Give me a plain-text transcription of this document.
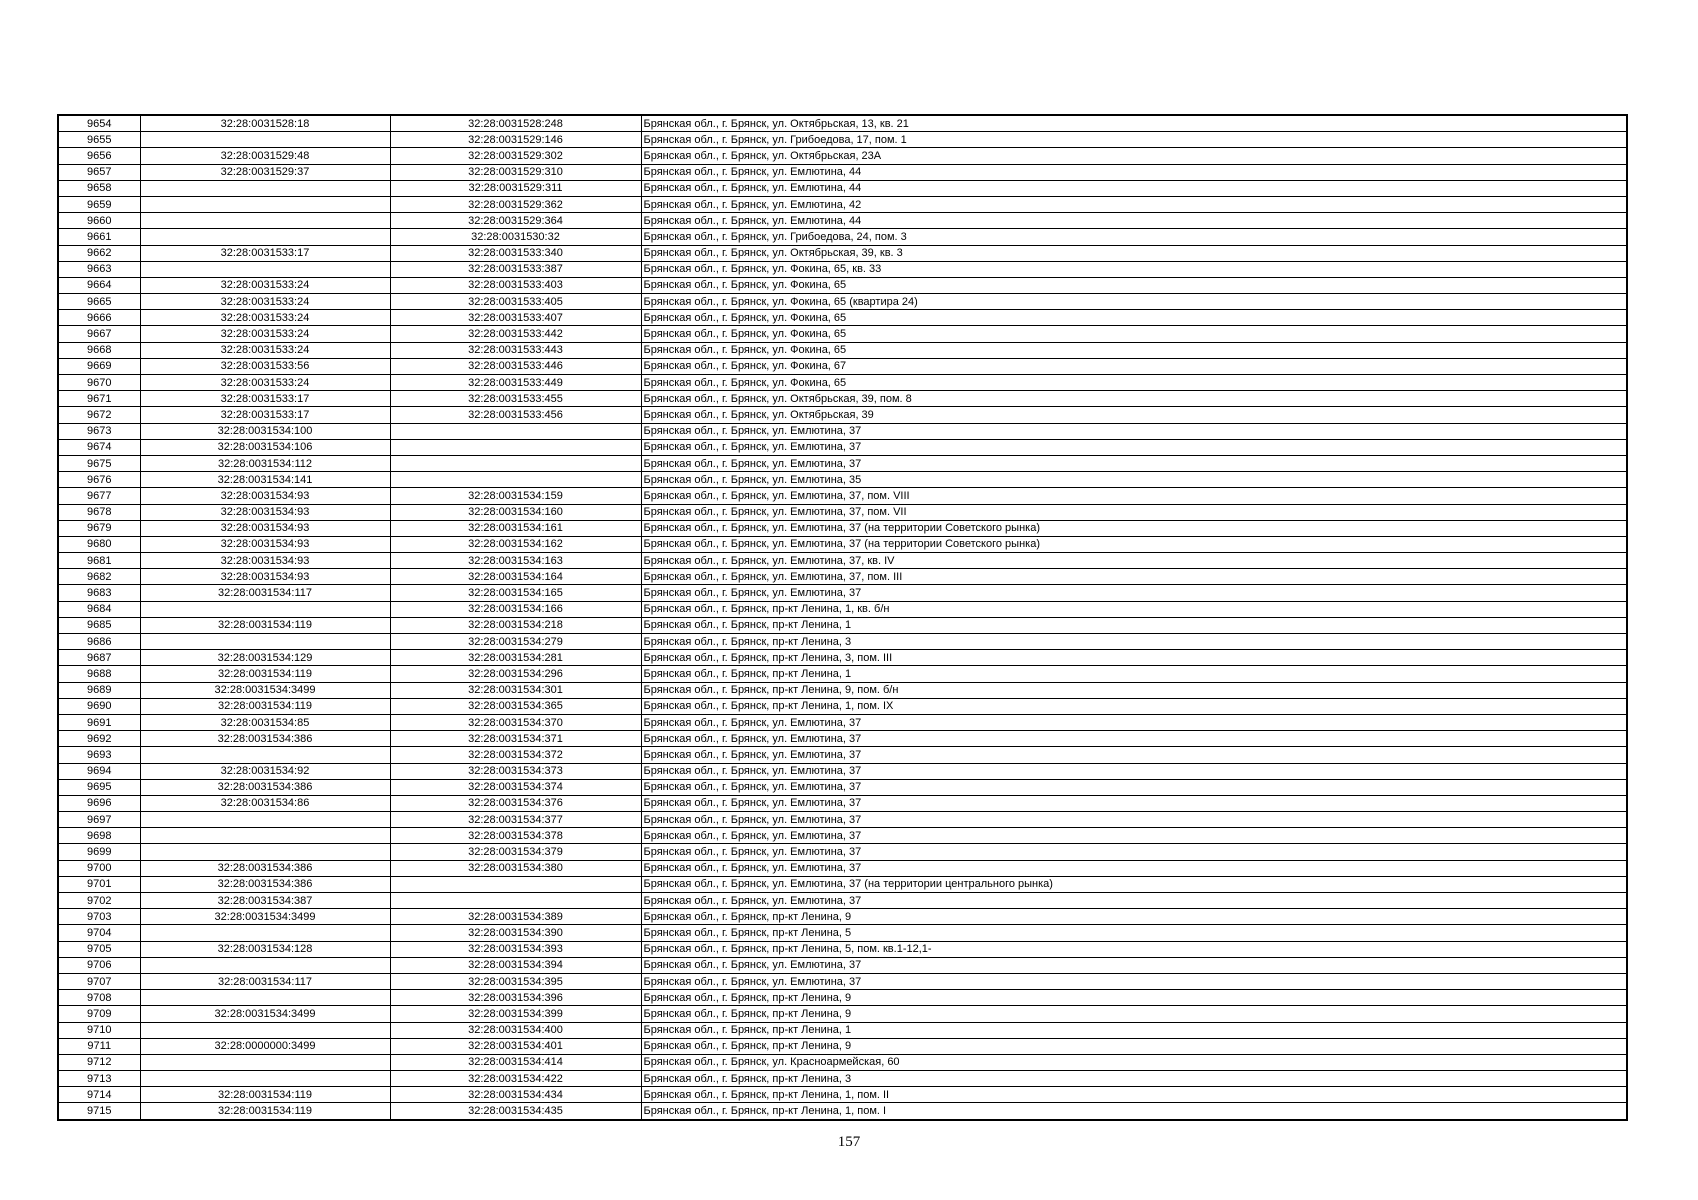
9654	32:28:0031528:18	32:28:0031528:248	Брянская обл., г. Брянск, ул. Октябрьская, 13, кв. 21
9655		32:28:0031529:146	Брянская обл., г. Брянск, ул. Грибоедова, 17, пом. 1
9656	32:28:0031529:48	32:28:0031529:302	Брянская обл., г. Брянск, ул. Октябрьская, 23А
9657	32:28:0031529:37	32:28:0031529:310	Брянская обл., г. Брянск, ул. Емлютина, 44
9658		32:28:0031529:311	Брянская обл., г. Брянск, ул. Емлютина, 44
9659		32:28:0031529:362	Брянская обл., г. Брянск, ул. Емлютина, 42
9660		32:28:0031529:364	Брянская обл., г. Брянск, ул. Емлютина, 44
9661		32:28:0031530:32	Брянская обл., г. Брянск, ул. Грибоедова, 24, пом. 3
9662	32:28:0031533:17	32:28:0031533:340	Брянская обл., г. Брянск, ул. Октябрьская, 39, кв. 3
9663		32:28:0031533:387	Брянская обл., г. Брянск, ул. Фокина, 65, кв. 33
9664	32:28:0031533:24	32:28:0031533:403	Брянская обл., г. Брянск, ул. Фокина, 65
9665	32:28:0031533:24	32:28:0031533:405	Брянская обл., г. Брянск, ул. Фокина, 65 (квартира 24)
9666	32:28:0031533:24	32:28:0031533:407	Брянская обл., г. Брянск, ул. Фокина, 65
9667	32:28:0031533:24	32:28:0031533:442	Брянская обл., г. Брянск, ул. Фокина, 65
9668	32:28:0031533:24	32:28:0031533:443	Брянская обл., г. Брянск, ул. Фокина, 65
9669	32:28:0031533:56	32:28:0031533:446	Брянская обл., г. Брянск, ул. Фокина, 67
9670	32:28:0031533:24	32:28:0031533:449	Брянская обл., г. Брянск, ул. Фокина, 65
9671	32:28:0031533:17	32:28:0031533:455	Брянская обл., г. Брянск, ул. Октябрьская, 39, пом. 8
9672	32:28:0031533:17	32:28:0031533:456	Брянская обл., г. Брянск, ул. Октябрьская, 39
9673	32:28:0031534:100		Брянская обл., г. Брянск, ул. Емлютина, 37
9674	32:28:0031534:106		Брянская обл., г. Брянск, ул. Емлютина, 37
9675	32:28:0031534:112		Брянская обл., г. Брянск, ул. Емлютина, 37
9676	32:28:0031534:141		Брянская обл., г. Брянск, ул. Емлютина, 35
9677	32:28:0031534:93	32:28:0031534:159	Брянская обл., г. Брянск, ул. Емлютина, 37, пом. VIII
9678	32:28:0031534:93	32:28:0031534:160	Брянская обл., г. Брянск, ул. Емлютина, 37, пом. VII
9679	32:28:0031534:93	32:28:0031534:161	Брянская обл., г. Брянск, ул. Емлютина, 37 (на территории Советского рынка)
9680	32:28:0031534:93	32:28:0031534:162	Брянская обл., г. Брянск, ул. Емлютина, 37 (на территории Советского рынка)
9681	32:28:0031534:93	32:28:0031534:163	Брянская обл., г. Брянск, ул. Емлютина, 37, кв. IV
9682	32:28:0031534:93	32:28:0031534:164	Брянская обл., г. Брянск, ул. Емлютина, 37, пом. III
9683	32:28:0031534:117	32:28:0031534:165	Брянская обл., г. Брянск, ул. Емлютина, 37
9684		32:28:0031534:166	Брянская обл., г. Брянск, пр-кт Ленина, 1, кв. б/н
9685	32:28:0031534:119	32:28:0031534:218	Брянская обл., г. Брянск, пр-кт Ленина, 1
9686		32:28:0031534:279	Брянская обл., г. Брянск, пр-кт Ленина, 3
9687	32:28:0031534:129	32:28:0031534:281	Брянская обл., г. Брянск, пр-кт Ленина, 3, пом. III
9688	32:28:0031534:119	32:28:0031534:296	Брянская обл., г. Брянск, пр-кт Ленина, 1
9689	32:28:0031534:3499	32:28:0031534:301	Брянская обл., г. Брянск, пр-кт Ленина, 9, пом. б/н
9690	32:28:0031534:119	32:28:0031534:365	Брянская обл., г. Брянск, пр-кт Ленина, 1, пом. IX
9691	32:28:0031534:85	32:28:0031534:370	Брянская обл., г. Брянск, ул. Емлютина, 37
9692	32:28:0031534:386	32:28:0031534:371	Брянская обл., г. Брянск, ул. Емлютина, 37
9693		32:28:0031534:372	Брянская обл., г. Брянск, ул. Емлютина, 37
9694	32:28:0031534:92	32:28:0031534:373	Брянская обл., г. Брянск, ул. Емлютина, 37
9695	32:28:0031534:386	32:28:0031534:374	Брянская обл., г. Брянск, ул. Емлютина, 37
9696	32:28:0031534:86	32:28:0031534:376	Брянская обл., г. Брянск, ул. Емлютина, 37
9697		32:28:0031534:377	Брянская обл., г. Брянск, ул. Емлютина, 37
9698		32:28:0031534:378	Брянская обл., г. Брянск, ул. Емлютина, 37
9699		32:28:0031534:379	Брянская обл., г. Брянск, ул. Емлютина, 37
9700	32:28:0031534:386	32:28:0031534:380	Брянская обл., г. Брянск, ул. Емлютина, 37
9701	32:28:0031534:386		Брянская обл., г. Брянск, ул. Емлютина, 37 (на территории центрального рынка)
9702	32:28:0031534:387		Брянская обл., г. Брянск, ул. Емлютина, 37
9703	32:28:0031534:3499	32:28:0031534:389	Брянская обл., г. Брянск, пр-кт Ленина, 9
9704		32:28:0031534:390	Брянская обл., г. Брянск, пр-кт Ленина, 5
9705	32:28:0031534:128	32:28:0031534:393	Брянская обл., г. Брянск, пр-кт Ленина, 5, пом. кв.1-12,1-
9706		32:28:0031534:394	Брянская обл., г. Брянск, ул. Емлютина, 37
9707	32:28:0031534:117	32:28:0031534:395	Брянская обл., г. Брянск, ул. Емлютина, 37
9708		32:28:0031534:396	Брянская обл., г. Брянск, пр-кт Ленина, 9
9709	32:28:0031534:3499	32:28:0031534:399	Брянская обл., г. Брянск, пр-кт Ленина, 9
9710		32:28:0031534:400	Брянская обл., г. Брянск, пр-кт Ленина, 1
9711	32:28:0000000:3499	32:28:0031534:401	Брянская обл., г. Брянск, пр-кт Ленина, 9
9712		32:28:0031534:414	Брянская обл., г. Брянск, ул. Красноармейская, 60
9713		32:28:0031534:422	Брянская обл., г. Брянск, пр-кт Ленина, 3
9714	32:28:0031534:119	32:28:0031534:434	Брянская обл., г. Брянск, пр-кт Ленина, 1, пом. II
9715	32:28:0031534:119	32:28:0031534:435	Брянская обл., г. Брянск, пр-кт Ленина, 1, пом. I
157
